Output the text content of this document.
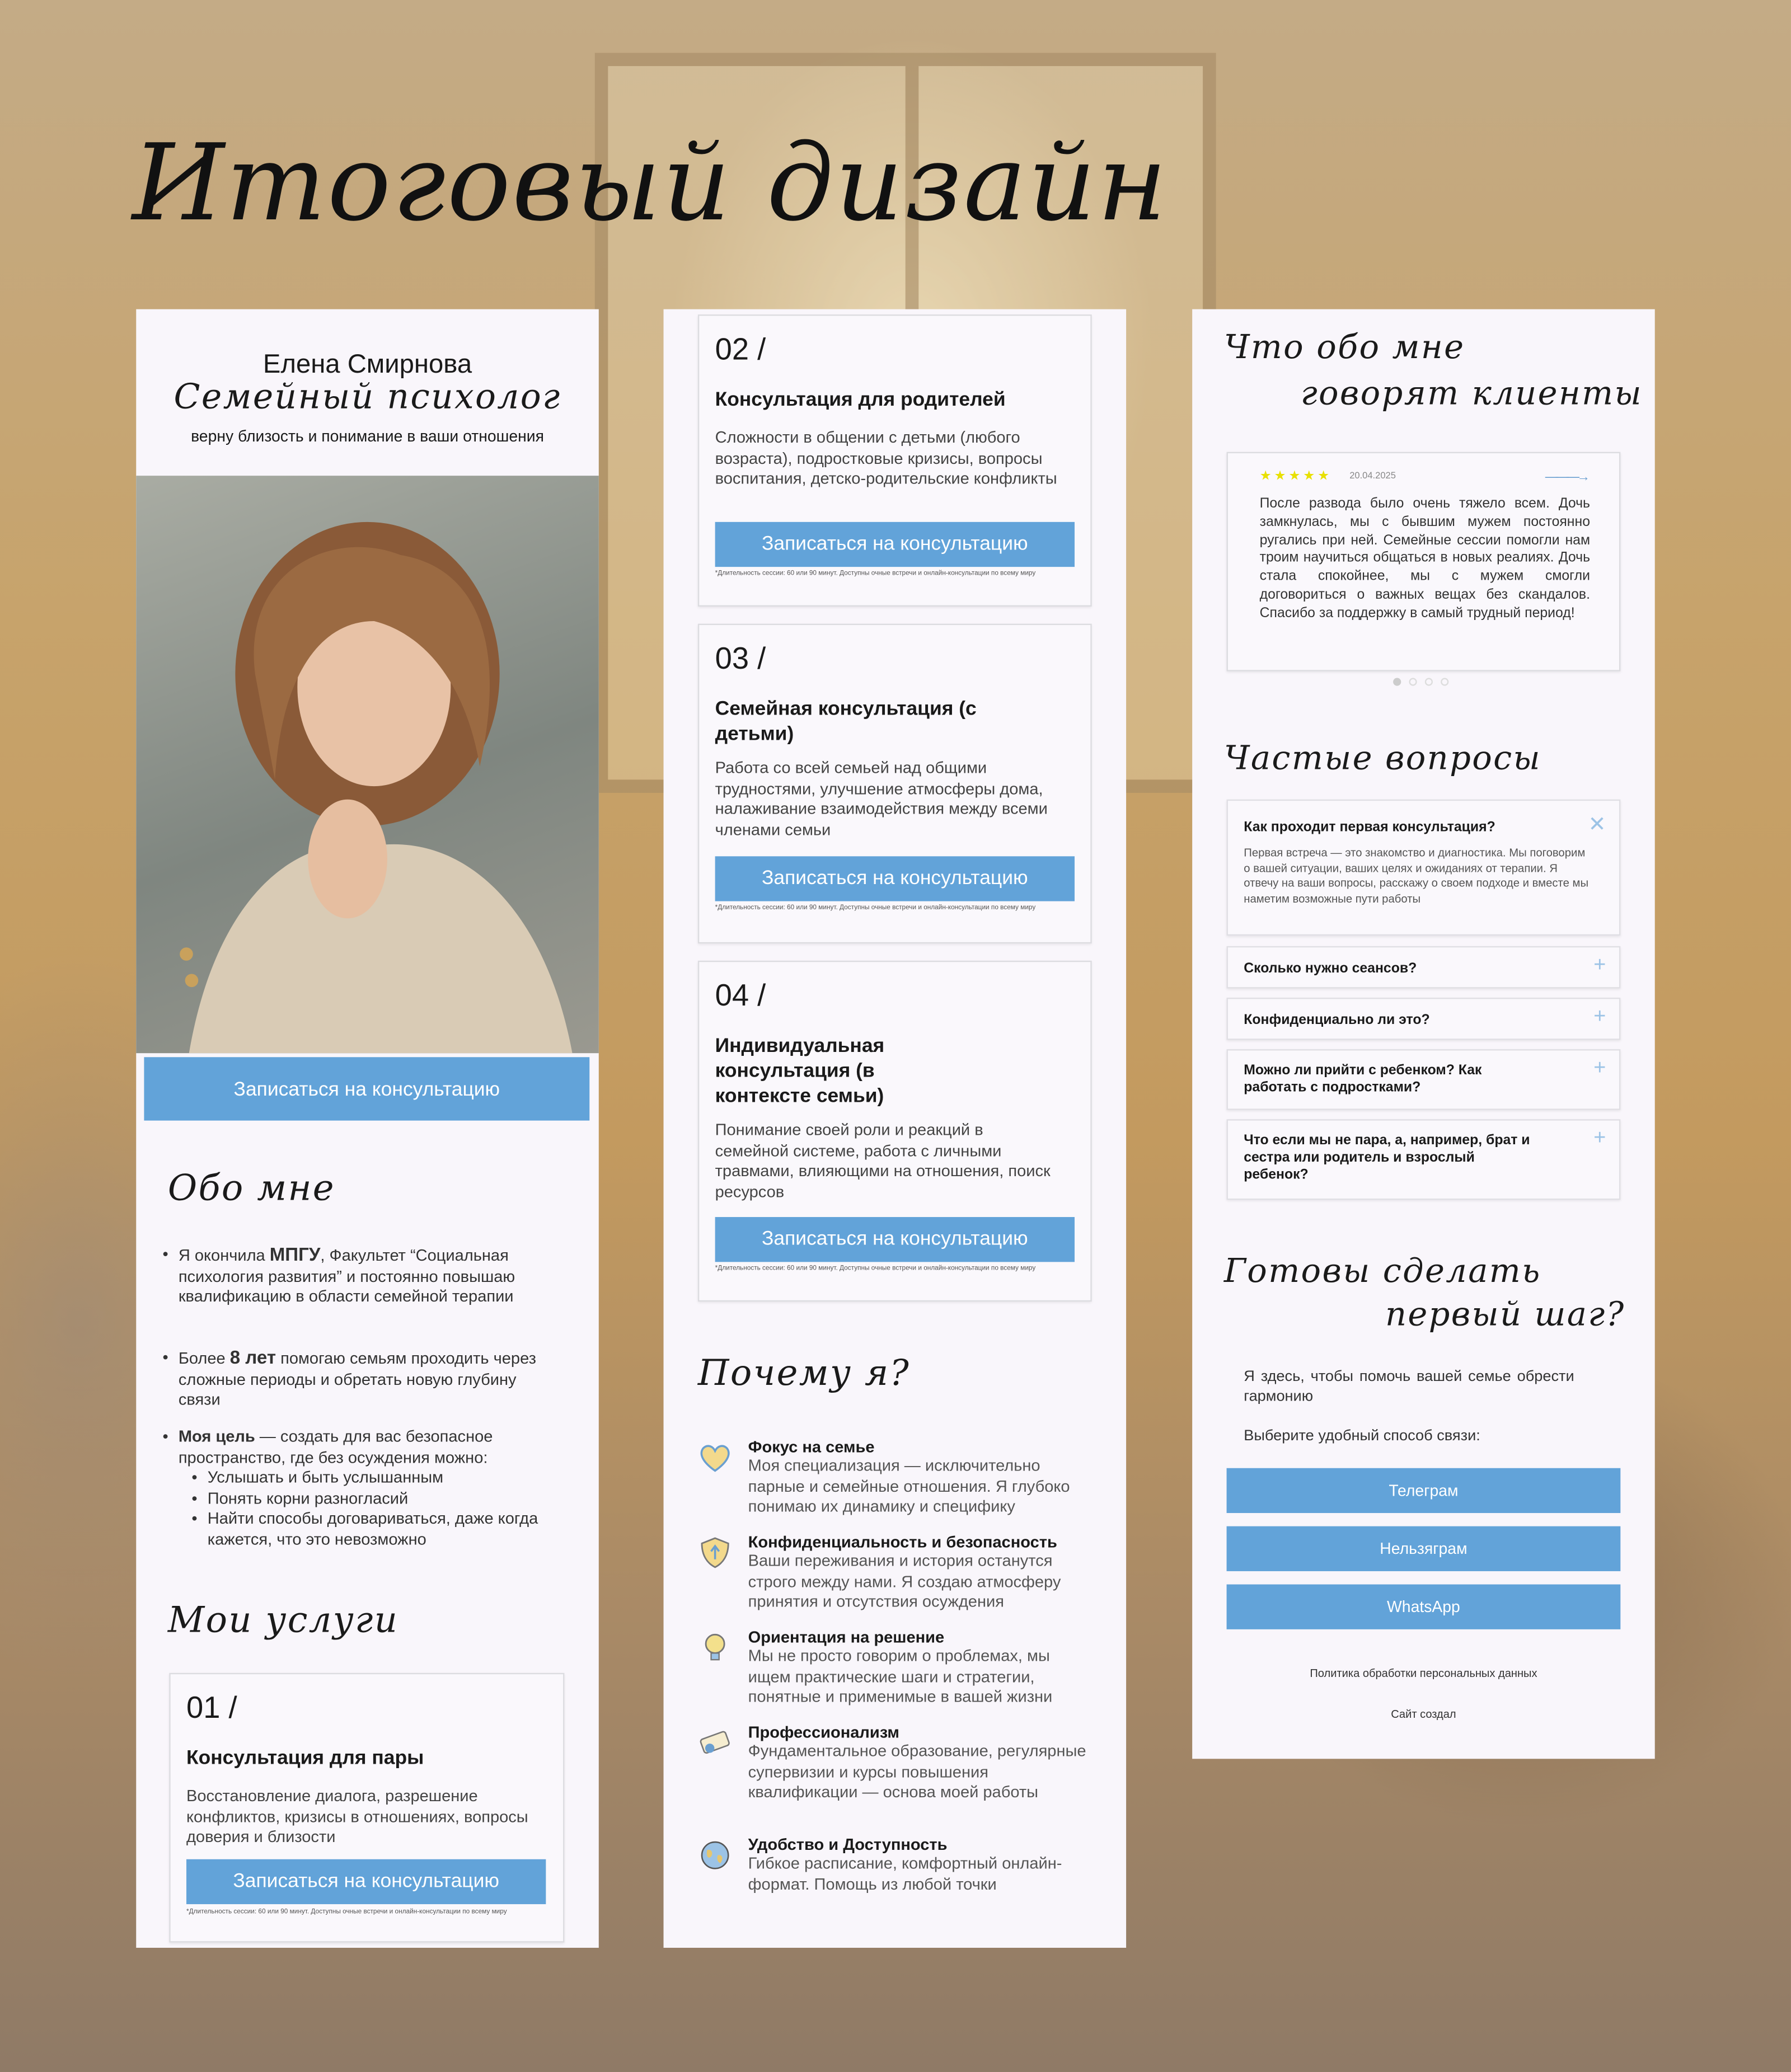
Итоговый дизайн
Елена Смирнова
Семейный психолог
верну близость и понимание в ваши отношения
Записаться на консультацию
Обо мне
• Я окончила МПГУ, Факультет “Социальная психология развития” и постоянно повышаю квалификацию в области семейной терапии
• Более 8 лет помогаю семьям проходить через сложные периоды и обретать новую глубину связи
• Моя цель — создать для вас безопасное пространство, где без осуждения можно:
• Услышать и быть услышанным
• Понять корни разногласий
• Найти способы договариваться, даже когда кажется, что это невозможно
Мои услуги
01 /
Консультация для пары
Восстановление диалога, разрешение конфликтов, кризисы в отношениях, вопросы доверия и близости
Записаться на консультацию
*Длительность сессии: 60 или 90 минут. Доступны очные встречи и онлайн-консультации по всему миру
02 /
Консультация для родителей
Сложности в общении с детьми (любого возраста), подростковые кризисы, вопросы воспитания, детско-родительские конфликты
Записаться на консультацию
*Длительность сессии: 60 или 90 минут. Доступны очные встречи и онлайн-консультации по всему миру
03 /
Семейная консультация (с детьми)
Работа со всей семьей над общими трудностями, улучшение атмосферы дома, налаживание взаимодействия между всеми членами семьи
Записаться на консультацию
*Длительность сессии: 60 или 90 минут. Доступны очные встречи и онлайн-консультации по всему миру
04 /
Индивидуальная консультация (в контексте семьи)
Понимание своей роли и реакций в семейной системе, работа с личными травмами, влияющими на отношения, поиск ресурсов
Записаться на консультацию
*Длительность сессии: 60 или 90 минут. Доступны очные встречи и онлайн-консультации по всему миру
Почему я?
Фокус на семье
Моя специализация — исключительно парные и семейные отношения. Я глубоко понимаю их динамику и специфику
Конфиденциальность и безопасность
Ваши переживания и история останутся строго между нами. Я создаю атмосферу принятия и отсутствия осуждения
Ориентация на решение
Мы не просто говорим о проблемах, мы ищем практические шаги и стратегии, понятные и применимые в вашей жизни
Профессионализм
Фундаментальное образование, регулярные супервизии и курсы повышения квалификации — основа моей работы
Удобство и Доступность
Гибкое расписание, комфортный онлайн-формат. Помощь из любой точки
Что обо мне
говорят клиенты
★★★★★	20.04.2025	———→
После развода было очень тяжело всем. Дочь замкнулась, мы с бывшим мужем постоянно ругались при ней. Семейные сессии помогли нам троим научиться общаться в новых реалиях. Дочь стала спокойнее, мы с мужем смогли договориться о важных вещах без скандалов. Спасибо за поддержку в самый трудный период!
Частые вопросы
Как проходит первая консультация?	✕
Первая встреча — это знакомство и диагностика. Мы поговорим о вашей ситуации, ваших целях и ожиданиях от терапии. Я отвечу на ваши вопросы, расскажу о своем подходе и вместе мы наметим возможные пути работы
Сколько нужно сеансов?	+
Конфиденциально ли это?	+
Можно ли прийти с ребенком? Как работать с подростками?
+
Что если мы не пара, а, например, брат и сестра или родитель и взрослый ребенок?
+
Готовы сделать
первый шаг?
Я здесь, чтобы помочь вашей семье обрести гармонию
Выберите удобный способ связи:
Телеграм
Нельзяграм
WhatsApp
Политика обработки персональных данных
Сайт создал
